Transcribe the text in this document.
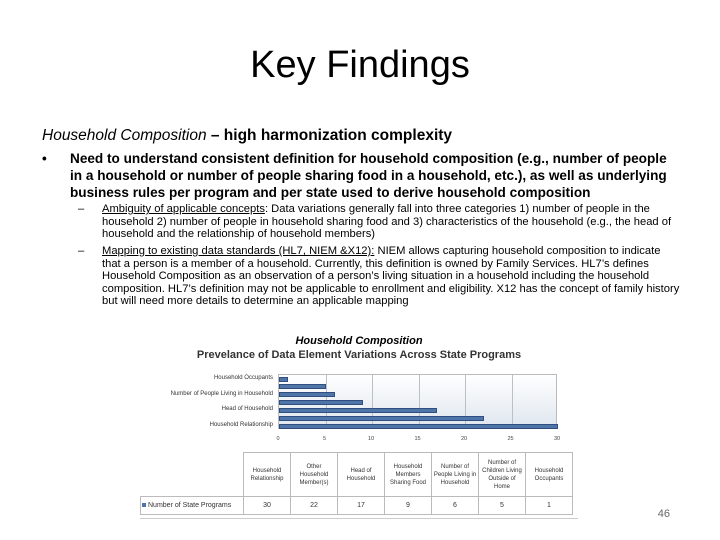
Key Findings
Household Composition – high harmonization complexity
• Need to understand consistent definition for household composition (e.g., number of people in a household or number of people sharing food in a household, etc.), as well as underlying business rules per program and per state used to derive household composition
– Ambiguity of applicable concepts: Data variations generally fall into three categories 1) number of people in the household 2) number of people in household sharing food and 3) characteristics of the household (e.g., the head of household and the relationship of household members)
– Mapping to existing data standards (HL7, NIEM &X12): NIEM allows capturing household composition to indicate that a person is a member of a household. Currently, this definition is owned by Family Services. HL7’s defines Household Composition as an observation of a person’s living situation in a household including the household composition. HL7’s definition may not be applicable to enrollment and eligibility. X12 has the concept of family history but will need more details to determine an applicable mapping
Household Composition
Prevelance of Data Element Variations Across State Programs
Household Relationship
Head of Household
Number of People Living in Household
Household Occupants
0	5	10	15	20	25	30
	Household Relationship	Other Household Member(s)	Head of Household	Household Members Sharing Food	Number of People Living in Household	Number of Children Living Outside of Home	Household Occupants
Number of State Programs	30	22	17	9	6	5	1
46
